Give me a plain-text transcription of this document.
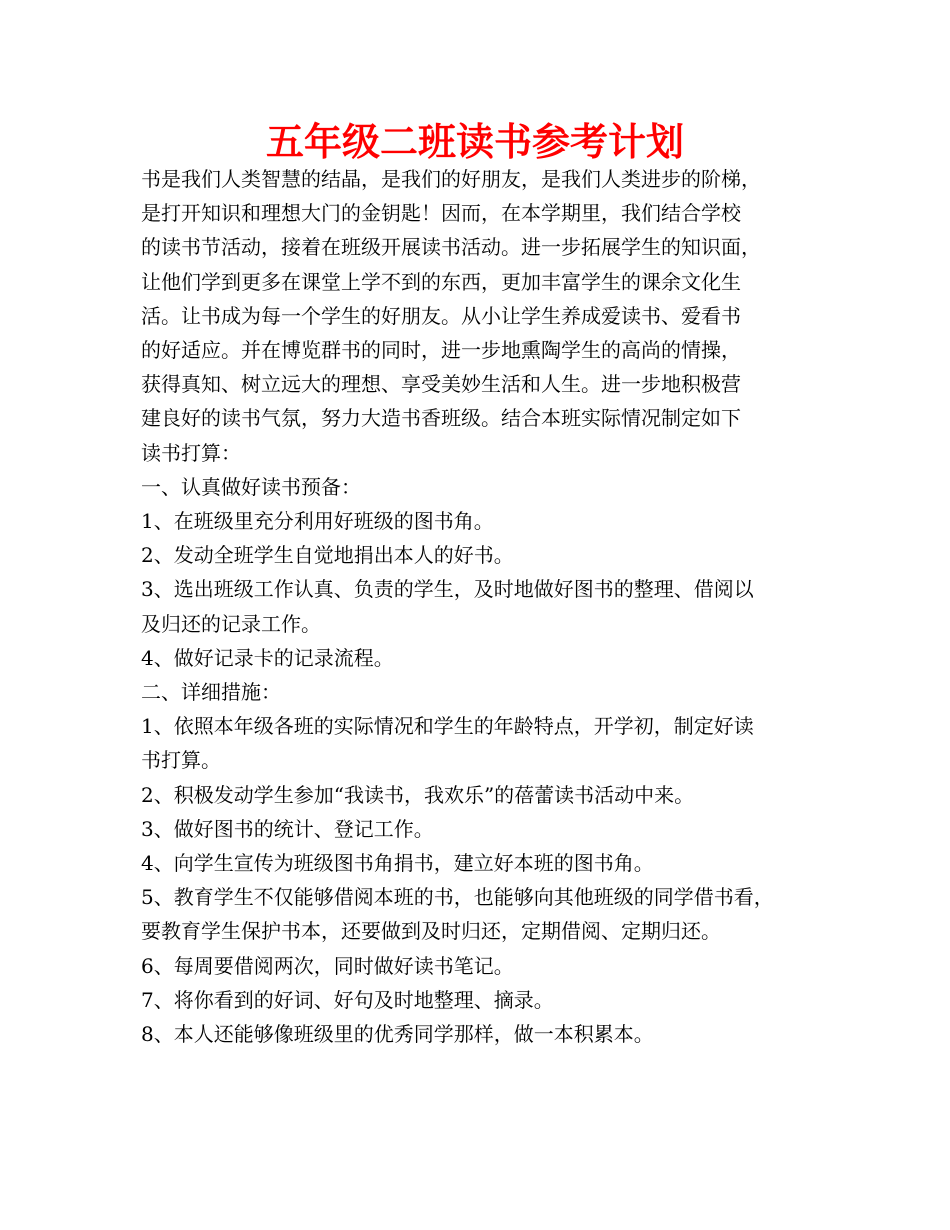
五年级二班读书参考计划
书是我们人类智慧的结晶，是我们的好朋友，是我们人类进步的阶梯，
是打开知识和理想大门的金钥匙！因而，在本学期里，我们结合学校
的读书节活动，接着在班级开展读书活动。进一步拓展学生的知识面，
让他们学到更多在课堂上学不到的东西，更加丰富学生的课余文化生
活。让书成为每一个学生的好朋友。从小让学生养成爱读书、爱看书
的好适应。并在博览群书的同时，进一步地熏陶学生的高尚的情操，
获得真知、树立远大的理想、享受美妙生活和人生。进一步地积极营
建良好的读书气氛，努力大造书香班级。结合本班实际情况制定如下
读书打算：
一、认真做好读书预备：
1、在班级里充分利用好班级的图书角。
2、发动全班学生自觉地捐出本人的好书。
3、选出班级工作认真、负责的学生，及时地做好图书的整理、借阅以
及归还的记录工作。
4、做好记录卡的记录流程。
二、详细措施：
1、依照本年级各班的实际情况和学生的年龄特点，开学初，制定好读
书打算。
2、积极发动学生参加“我读书，我欢乐”的蓓蕾读书活动中来。
3、做好图书的统计、登记工作。
4、向学生宣传为班级图书角捐书，建立好本班的图书角。
5、教育学生不仅能够借阅本班的书，也能够向其他班级的同学借书看，
要教育学生保护书本，还要做到及时归还，定期借阅、定期归还。
6、每周要借阅两次，同时做好读书笔记。
7、将你看到的好词、好句及时地整理、摘录。
8、本人还能够像班级里的优秀同学那样，做一本积累本。
